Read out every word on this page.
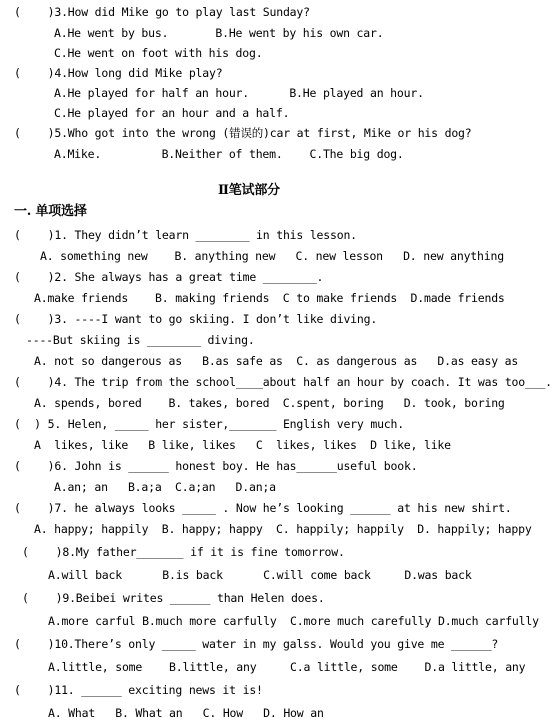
(    )3.How did Mike go to play last Sunday?
A.He went by bus.       B.He went by his own car.
C.He went on foot with his dog.
(    )4.How long did Mike play?
A.He played for half an hour.      B.He played an hour.
C.He played for an hour and a half.
(    )5.Who got into the wrong (错误的)car at first, Mike or his dog?
A.Mike.         B.Neither of them.    C.The big dog.
Ⅱ笔试部分
一. 单项选择
(    )1. They didn’t learn ________ in this lesson.
A. something new    B. anything new   C. new lesson   D. new anything
(    )2. She always has a great time ________.
A.make friends    B. making friends  C to make friends  D.made friends
(    )3. ----I want to go skiing. I don’t like diving.
----But skiing is ________ diving.
A. not so dangerous as   B.as safe as  C. as dangerous as   D.as easy as
(    )4. The trip from the school____about half an hour by coach. It was too___.
A. spends, bored    B. takes, bored  C.spent, boring   D. took, boring
(  ) 5. Helen, _____ her sister,_______ English very much.
A  likes, like   B like, likes   C  likes, likes  D like, like
(    )6. John is ______ honest boy. He has______useful book.
A.an; an   B.a;a  C.a;an   D.an;a
(    )7. he always looks _____ . Now he’s looking ______ at his new shirt.
A. happy; happily  B. happy; happy  C. happily; happily  D. happily; happy
(    )8.My father_______ if it is fine tomorrow.
A.will back      B.is back      C.will come back     D.was back
(    )9.Beibei writes ______ than Helen does.
A.more carful B.much more carfully  C.more much carefully D.much carfully
(    )10.There’s only _____ water in my galss. Would you give me ______?
A.little, some    B.little, any     C.a little, some    D.a little, any
(    )11. ______ exciting news it is!
A. What   B. What an   C. How   D. How an
